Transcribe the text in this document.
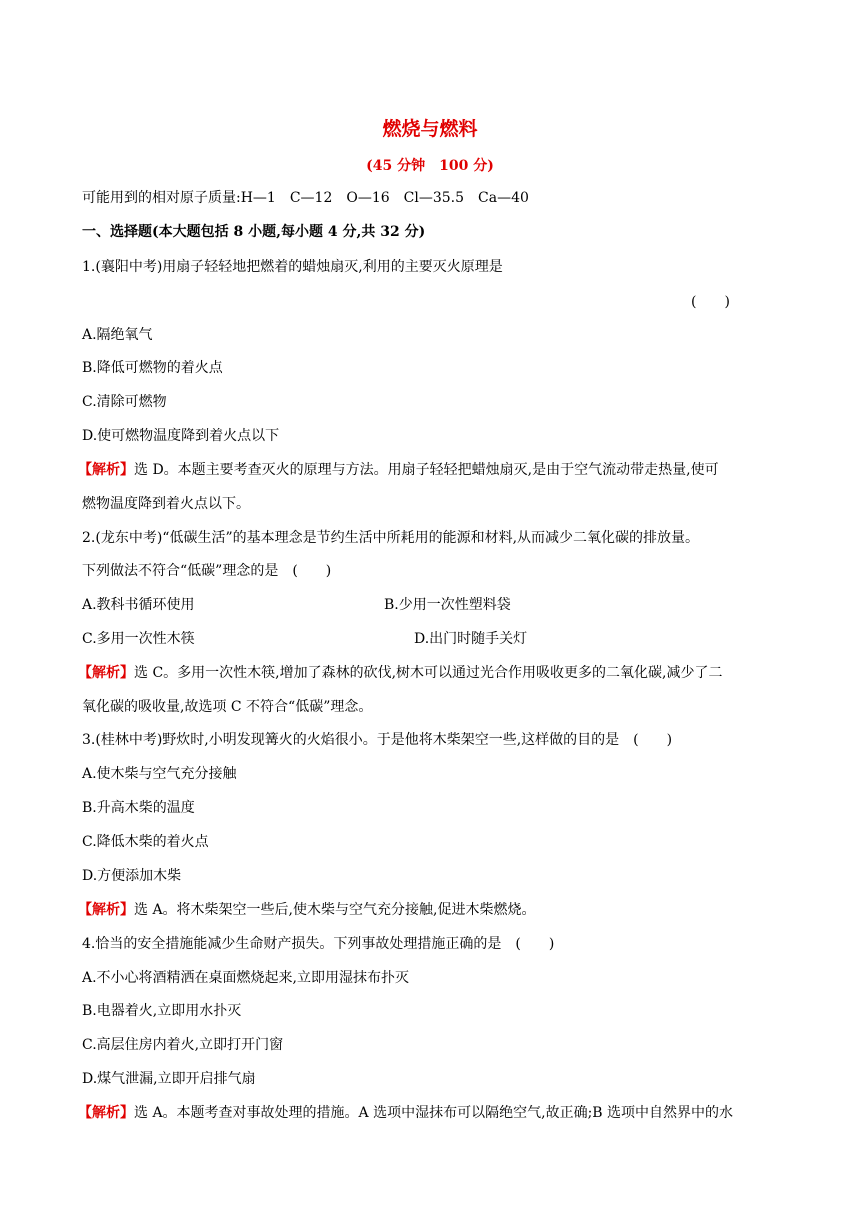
燃烧与燃料
(45 分钟　100 分)
可能用到的相对原子质量:H—1　C—12　O—16　Cl—35.5　Ca—40
一、选择题(本大题包括 8 小题,每小题 4 分,共 32 分)
1.(襄阳中考)用扇子轻轻地把燃着的蜡烛扇灭,利用的主要灭火原理是
(　　)
A.隔绝氧气
B.降低可燃物的着火点
C.清除可燃物
D.使可燃物温度降到着火点以下
【解析】选 D。本题主要考查灭火的原理与方法。用扇子轻轻把蜡烛扇灭,是由于空气流动带走热量,使可
燃物温度降到着火点以下。
2.(龙东中考)“低碳生活”的基本理念是节约生活中所耗用的能源和材料,从而减少二氧化碳的排放量。
下列做法不符合“低碳”理念的是　(　　)
A.教科书循环使用	B.少用一次性塑料袋
C.多用一次性木筷	D.出门时随手关灯
【解析】选 C。多用一次性木筷,增加了森林的砍伐,树木可以通过光合作用吸收更多的二氧化碳,减少了二
氧化碳的吸收量,故选项 C 不符合“低碳”理念。
3.(桂林中考)野炊时,小明发现篝火的火焰很小。于是他将木柴架空一些,这样做的目的是　(　　)
A.使木柴与空气充分接触
B.升高木柴的温度
C.降低木柴的着火点
D.方便添加木柴
【解析】选 A。将木柴架空一些后,使木柴与空气充分接触,促进木柴燃烧。
4.恰当的安全措施能减少生命财产损失。下列事故处理措施正确的是　(　　)
A.不小心将酒精洒在桌面燃烧起来,立即用湿抹布扑灭
B.电器着火,立即用水扑灭
C.高层住房内着火,立即打开门窗
D.煤气泄漏,立即开启排气扇
【解析】选 A。本题考查对事故处理的措施。A 选项中湿抹布可以隔绝空气,故正确;B 选项中自然界中的水
